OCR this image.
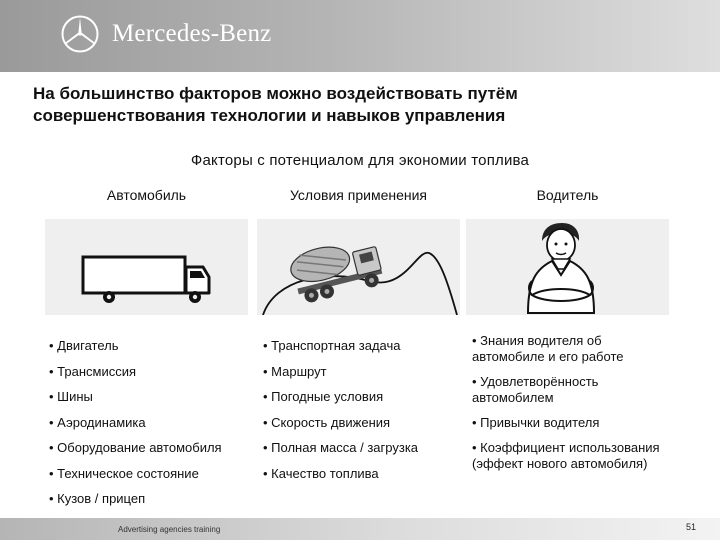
Mercedes-Benz
На большинство факторов можно воздействовать путём
совершенствования технологии и навыков управления
Факторы с потенциалом для экономии топлива
Автомобиль	Условия применения	Водитель
• Двигатель
• Трансмиссия
• Шины
• Аэродинамика
• Оборудование автомобиля
• Техническое состояние
• Кузов / прицеп
• Транспортная задача
• Маршрут
• Погодные условия
• Скорость движения
• Полная масса / загрузка
• Качество топлива
• Знания водителя об автомобиле и его работе
• Удовлетворённость автомобилем
• Привычки водителя
• Коэффициент использования (эффект нового автомобиля)
Advertising agencies training	51
